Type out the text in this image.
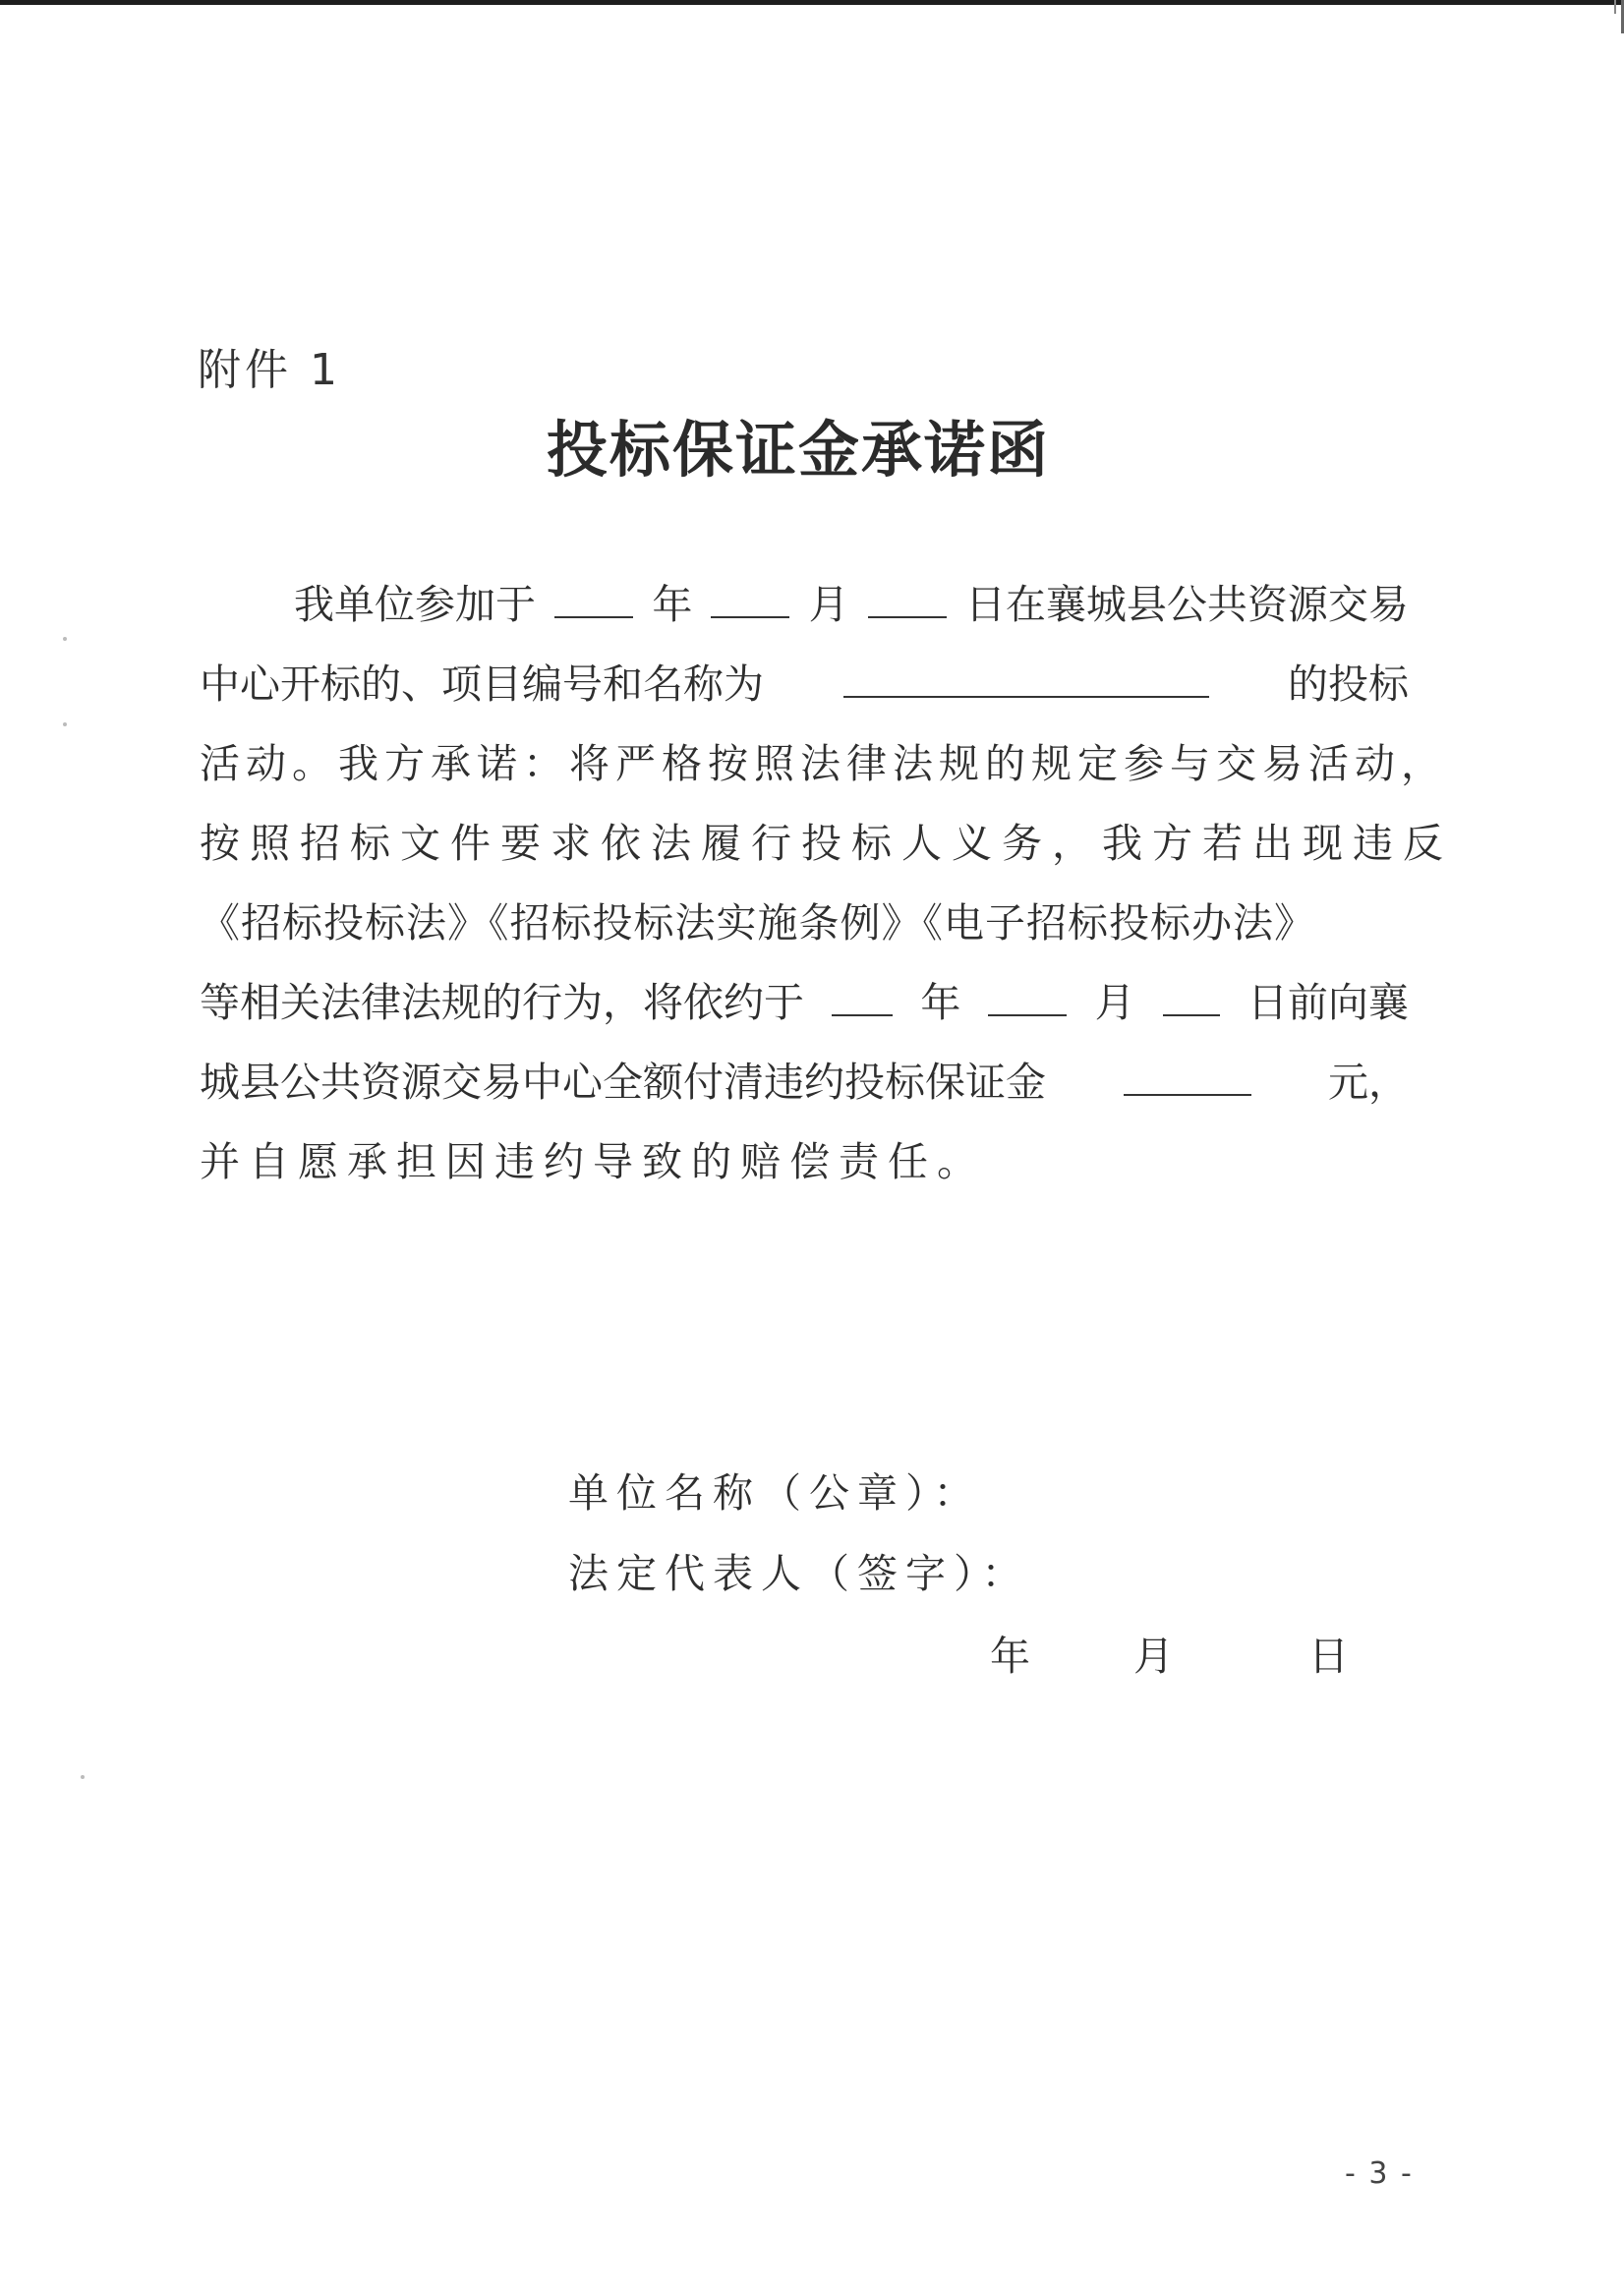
附件 1
投标保证金承诺函
我单位参加于	年	月	日在襄城县公共资源交易
中心开标的、项目编号和名称为	的投标
活动。我方承诺：将严格按照法律法规的规定参与交易活动，
按照招标文件要求依法履行投标人义务，我方若出现违反
《招标投标法》《招标投标法实施条例》《电子招标投标办法》
等相关法律法规的行为，将依约于	年	月	日前向襄
城县公共资源交易中心全额付清违约投标保证金	元，
并自愿承担因违约导致的赔偿责任。
单位名称（公章）：
法定代表人（签字）：
年	月	日
- 3 -
